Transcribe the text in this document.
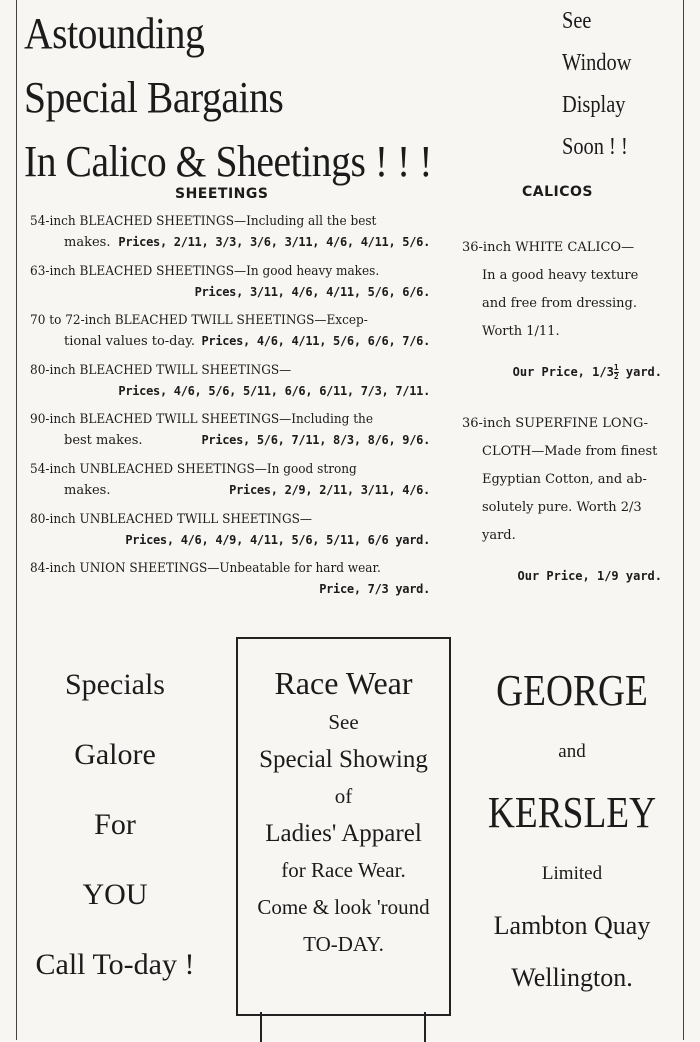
Astounding
Special Bargains
In Calico & Sheetings ! ! !
See
Window
Display
Soon ! !
SHEETINGS
54-inch BLEACHED SHEETINGS—Including all the best
makes. Prices, 2/11, 3/3, 3/6, 3/11, 4/6, 4/11, 5/6.
63-inch BLEACHED SHEETINGS—In good heavy makes.
Prices, 3/11, 4/6, 4/11, 5/6, 6/6.
70 to 72-inch BLEACHED TWILL SHEETINGS—Excep-
tional values to-day. Prices, 4/6, 4/11, 5/6, 6/6, 7/6.
80-inch BLEACHED TWILL SHEETINGS—
Prices, 4/6, 5/6, 5/11, 6/6, 6/11, 7/3, 7/11.
90-inch BLEACHED TWILL SHEETINGS—Including the
best makes.	Prices, 5/6, 7/11, 8/3, 8/6, 9/6.
54-inch UNBLEACHED SHEETINGS—In good strong
makes.	Prices, 2/9, 2/11, 3/11, 4/6.
80-inch UNBLEACHED TWILL SHEETINGS—
Prices, 4/6, 4/9, 4/11, 5/6, 5/11, 6/6 yard.
84-inch UNION SHEETINGS—Unbeatable for hard wear.
Price, 7/3 yard.
CALICOS
36-inch WHITE CALICO—
In a good heavy texture
and free from dressing.
Worth 1/11.
Our Price, $1/3 \frac{1}{2}$ yard.
36-inch SUPERFINE LONG-
CLOTH—Made from finest
Egyptian Cotton, and ab-
solutely pure. Worth 2/3
yard.
Our Price, 1/9 yard.
Specials
Galore
For
YOU
Call To-day !
Race Wear
See
Special Showing
of
Ladies' Apparel
for Race Wear.
Come & look 'round
TO-DAY.
GEORGE
and
KERSLEY
Limited
Lambton Quay
Wellington.
